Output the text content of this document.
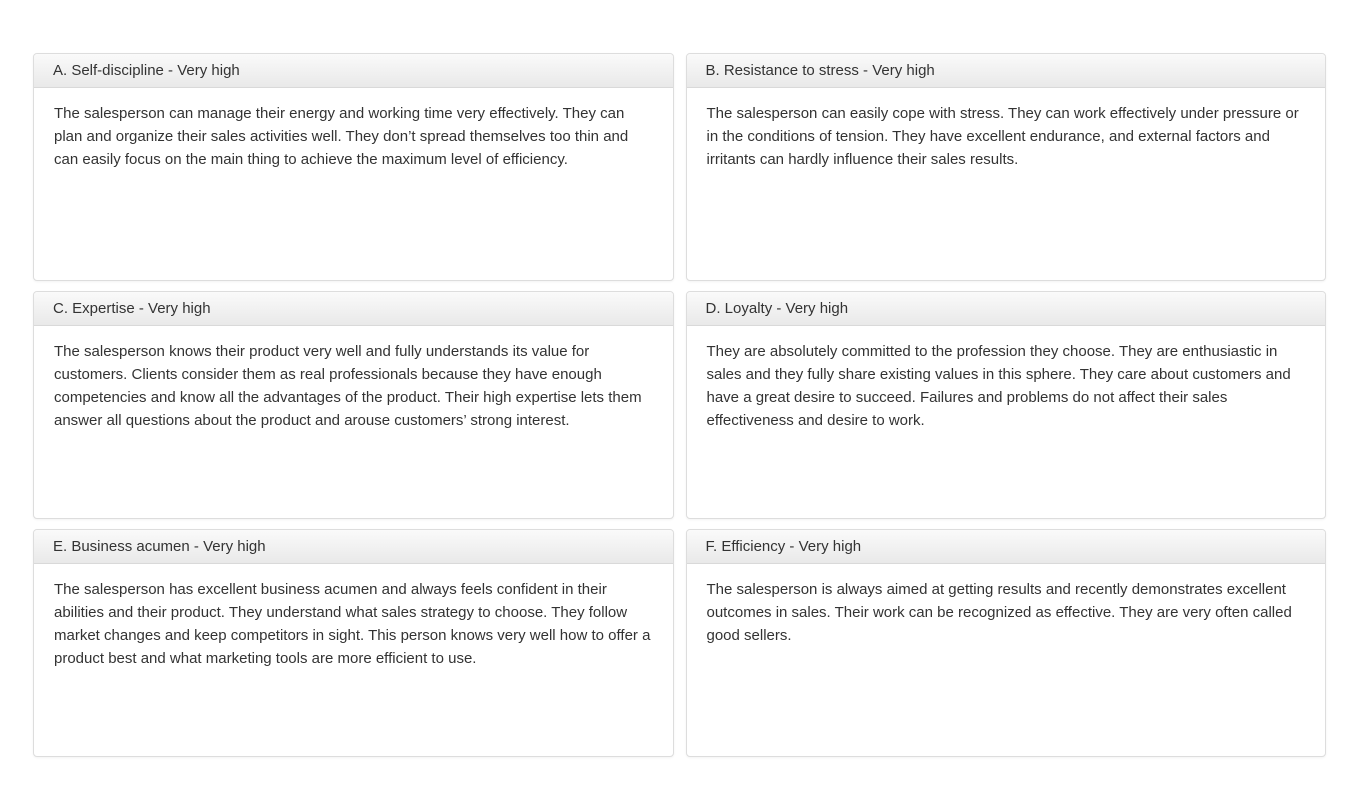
A. Self-discipline - Very high

The salesperson can manage their energy and working time very effectively. They can plan and organize their sales activities well. They don’t spread themselves too thin and can easily focus on the main thing to achieve the maximum level of efficiency.

B. Resistance to stress - Very high

The salesperson can easily cope with stress. They can work effectively under pressure or in the conditions of tension. They have excellent endurance, and external factors and irritants can hardly influence their sales results.

C. Expertise - Very high

The salesperson knows their product very well and fully understands its value for customers. Clients consider them as real professionals because they have enough competencies and know all the advantages of the product. Their high expertise lets them answer all questions about the product and arouse customers’ strong interest.

D. Loyalty - Very high

They are absolutely committed to the profession they choose. They are enthusiastic in sales and they fully share existing values in this sphere. They care about customers and have a great desire to succeed. Failures and problems do not affect their sales effectiveness and desire to work.

E. Business acumen - Very high

The salesperson has excellent business acumen and always feels confident in their abilities and their product. They understand what sales strategy to choose. They follow market changes and keep competitors in sight. This person knows very well how to offer a product best and what marketing tools are more efficient to use.

F. Efficiency - Very high

The salesperson is always aimed at getting results and recently demonstrates excellent outcomes in sales. Their work can be recognized as effective. They are very often called good sellers.
